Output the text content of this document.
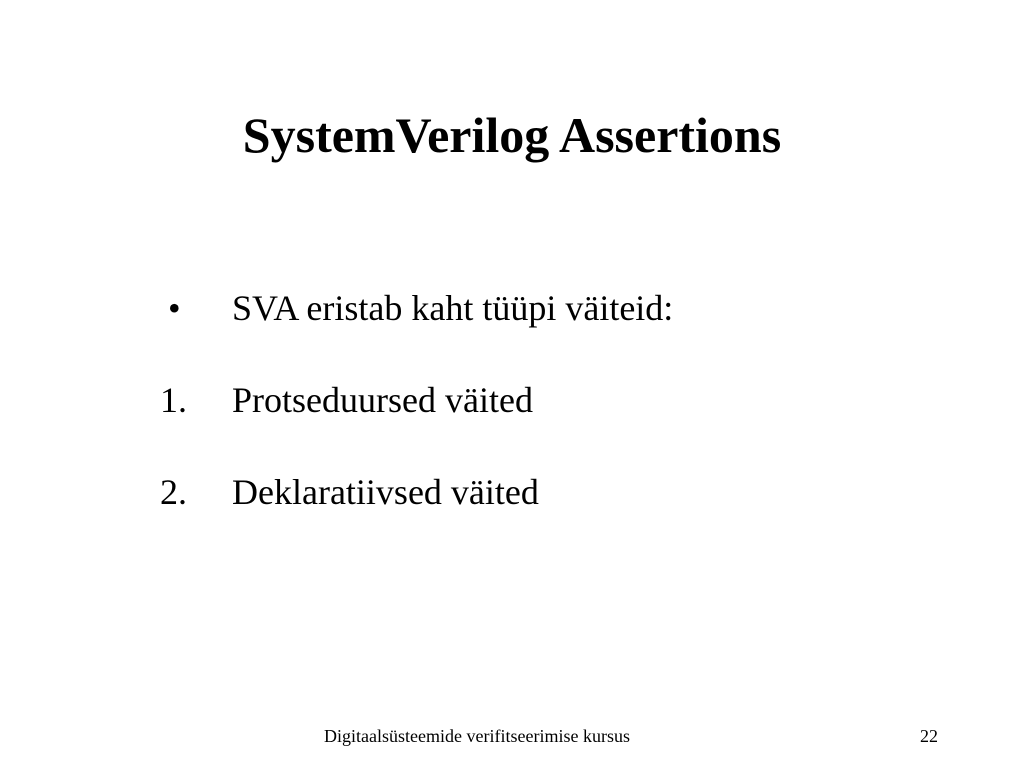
SystemVerilog Assertions
•	SVA eristab kaht tüüpi väiteid:
1.	Protseduursed väited
2.	Deklaratiivsed väited
Digitaalsüsteemide verifitseerimise kursus	22
